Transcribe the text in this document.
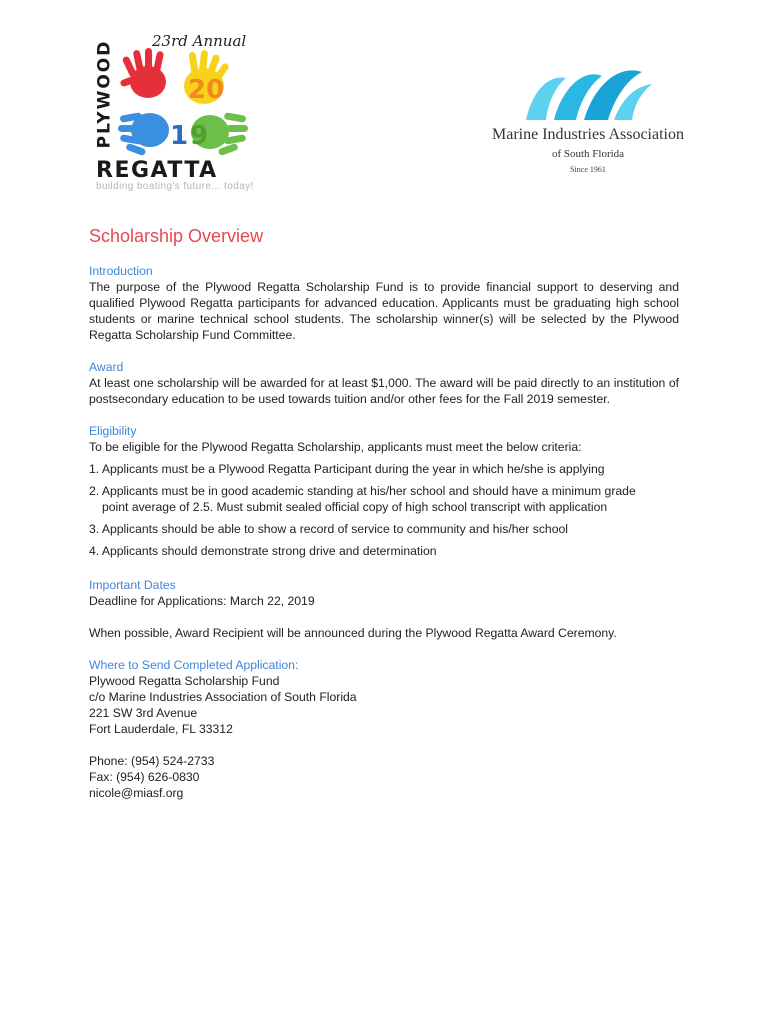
PLYWOOD	23rd Annual
20
1 9
REGATTA
building boating's future... today!
Marine Industries Association
of South Florida
Since 1961
Scholarship Overview

Introduction

The purpose of the Plywood Regatta Scholarship Fund is to provide financial support to deserving and qualified Plywood Regatta participants for advanced education. Applicants must be graduating high school students or marine technical school students. The scholarship winner(s) will be selected by the Plywood Regatta Scholarship Fund Committee.

Award

At least one scholarship will be awarded for at least $1,000. The award will be paid directly to an institution of postsecondary education to be used towards tuition and/or other fees for the Fall 2019 semester.

Eligibility

To be eligible for the Plywood Regatta Scholarship, applicants must meet the below criteria:

1. Applicants must be a Plywood Regatta Participant during the year in which he/she is applying

2. Applicants must be in good academic standing at his/her school and should have a minimum grade
point average of 2.5. Must submit sealed official copy of high school transcript with application

3. Applicants should be able to show a record of service to community and his/her school

4. Applicants should demonstrate strong drive and determination

Important Dates

Deadline for Applications: March 22, 2019

When possible, Award Recipient will be announced during the Plywood Regatta Award Ceremony.

Where to Send Completed Application:

Plywood Regatta Scholarship Fund
c/o Marine Industries Association of South Florida
221 SW 3rd Avenue
Fort Lauderdale, FL 33312
Phone: (954) 524-2733
Fax: (954) 626-0830
nicole@miasf.org
